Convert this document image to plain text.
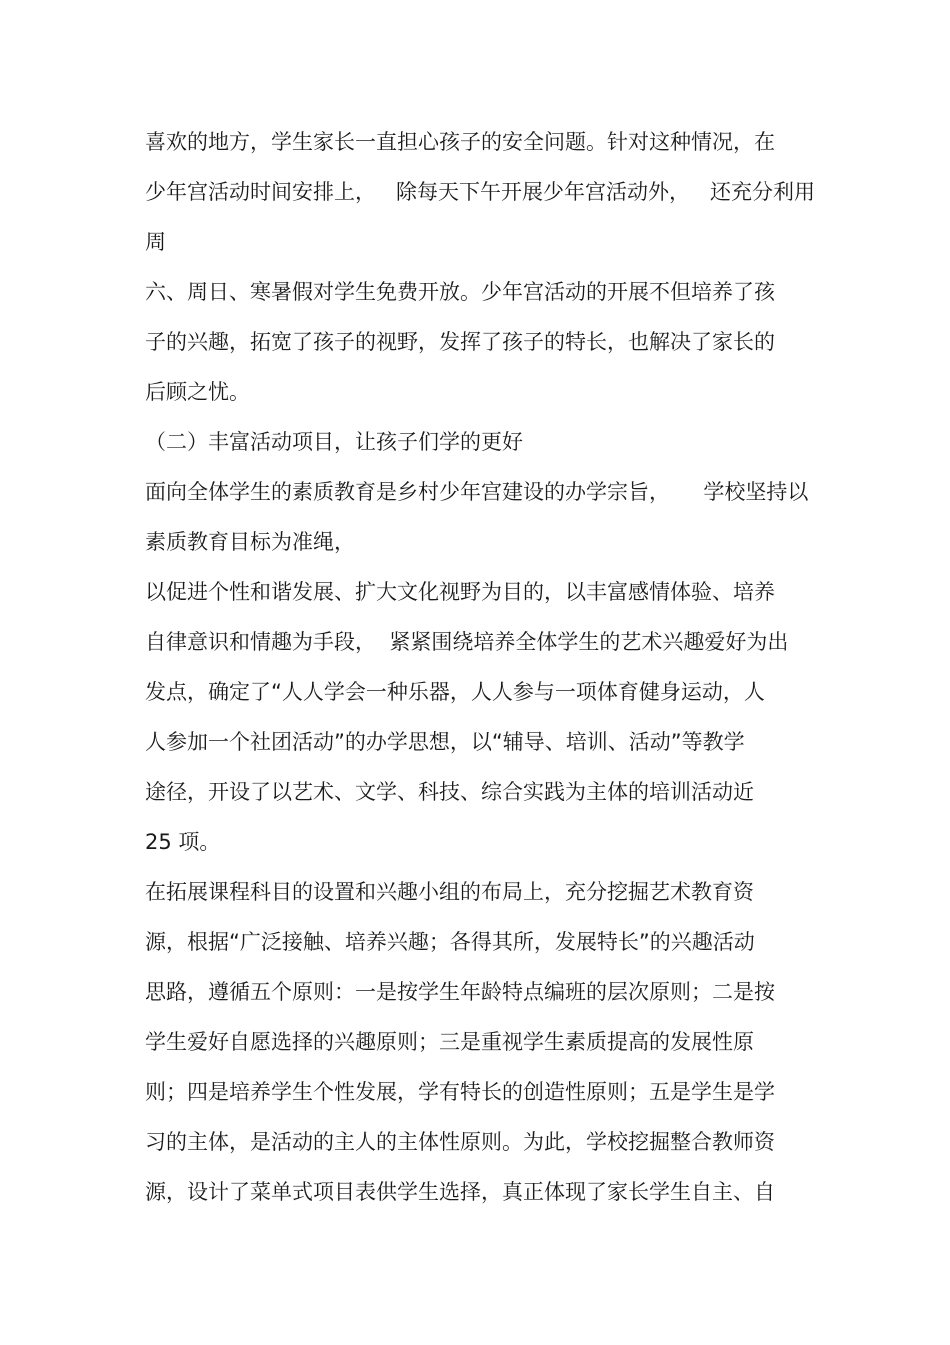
喜欢的地方，学生家长一直担心孩子的安全问题。针对这种情况，在

少年宫活动时间安排上，   除每天下午开展少年宫活动外，   还充分利用

周

六、周日、寒暑假对学生免费开放。少年宫活动的开展不但培养了孩

子的兴趣，拓宽了孩子的视野，发挥了孩子的特长，也解决了家长的

后顾之忧。

（二）丰富活动项目，让孩子们学的更好

面向全体学生的素质教育是乡村少年宫建设的办学宗旨，     学校坚持以

素质教育目标为准绳，

以促进个性和谐发展、扩大文化视野为目的，以丰富感情体验、培养

自律意识和情趣为手段，  紧紧围绕培养全体学生的艺术兴趣爱好为出

发点，确定了“人人学会一种乐器，人人参与一项体育健身运动，人

人参加一个社团活动”的办学思想，以“辅导、培训、活动”等教学

途径，开设了以艺术、文学、科技、综合实践为主体的培训活动近

25 项。

在拓展课程科目的设置和兴趣小组的布局上，充分挖掘艺术教育资

源，根据“广泛接触、培养兴趣；各得其所，发展特长”的兴趣活动

思路，遵循五个原则：一是按学生年龄特点编班的层次原则；二是按

学生爱好自愿选择的兴趣原则；三是重视学生素质提高的发展性原

则；四是培养学生个性发展，学有特长的创造性原则；五是学生是学

习的主体，是活动的主人的主体性原则。为此，学校挖掘整合教师资

源，设计了菜单式项目表供学生选择，真正体现了家长学生自主、自
